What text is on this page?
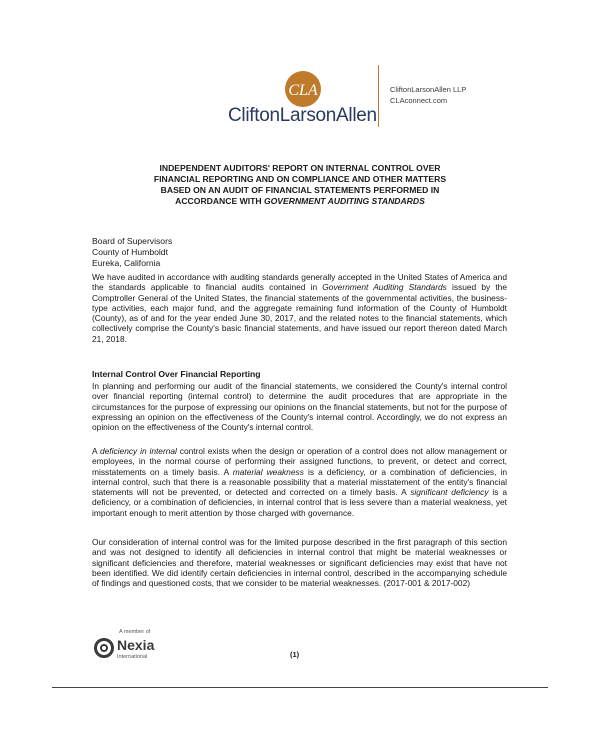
CLA
CliftonLarsonAllen
CliftonLarsonAllen LLP
CLAconnect.com
INDEPENDENT AUDITORS' REPORT ON INTERNAL CONTROL OVER
FINANCIAL REPORTING AND ON COMPLIANCE AND OTHER MATTERS
BASED ON AN AUDIT OF FINANCIAL STATEMENTS PERFORMED IN
ACCORDANCE WITH GOVERNMENT AUDITING STANDARDS
Board of Supervisors
County of Humboldt
Eureka, California
We have audited in accordance with auditing standards generally accepted in the United States of America and the standards applicable to financial audits contained in Government Auditing Standards issued by the Comptroller General of the United States, the financial statements of the governmental activities, the business-type activities, each major fund, and the aggregate remaining fund information of the County of Humboldt (County), as of and for the year ended June 30, 2017, and the related notes to the financial statements, which collectively comprise the County's basic financial statements, and have issued our report thereon dated March 21, 2018.
Internal Control Over Financial Reporting
In planning and performing our audit of the financial statements, we considered the County's internal control over financial reporting (internal control) to determine the audit procedures that are appropriate in the circumstances for the purpose of expressing our opinions on the financial statements, but not for the purpose of expressing an opinion on the effectiveness of the County's internal control. Accordingly, we do not express an opinion on the effectiveness of the County's internal control.
A deficiency in internal control exists when the design or operation of a control does not allow management or employees, in the normal course of performing their assigned functions, to prevent, or detect and correct, misstatements on a timely basis. A material weakness is a deficiency, or a combination of deficiencies, in internal control, such that there is a reasonable possibility that a material misstatement of the entity's financial statements will not be prevented, or detected and corrected on a timely basis. A significant deficiency is a deficiency, or a combination of deficiencies, in internal control that is less severe than a material weakness, yet important enough to merit attention by those charged with governance.
Our consideration of internal control was for the limited purpose described in the first paragraph of this section and was not designed to identify all deficiencies in internal control that might be material weaknesses or significant deficiencies and therefore, material weaknesses or significant deficiencies may exist that have not been identified. We did identify certain deficiencies in internal control, described in the accompanying schedule of findings and questioned costs, that we consider to be material weaknesses. (2017-001 & 2017-002)
A member of
Nexia
International	(1)
